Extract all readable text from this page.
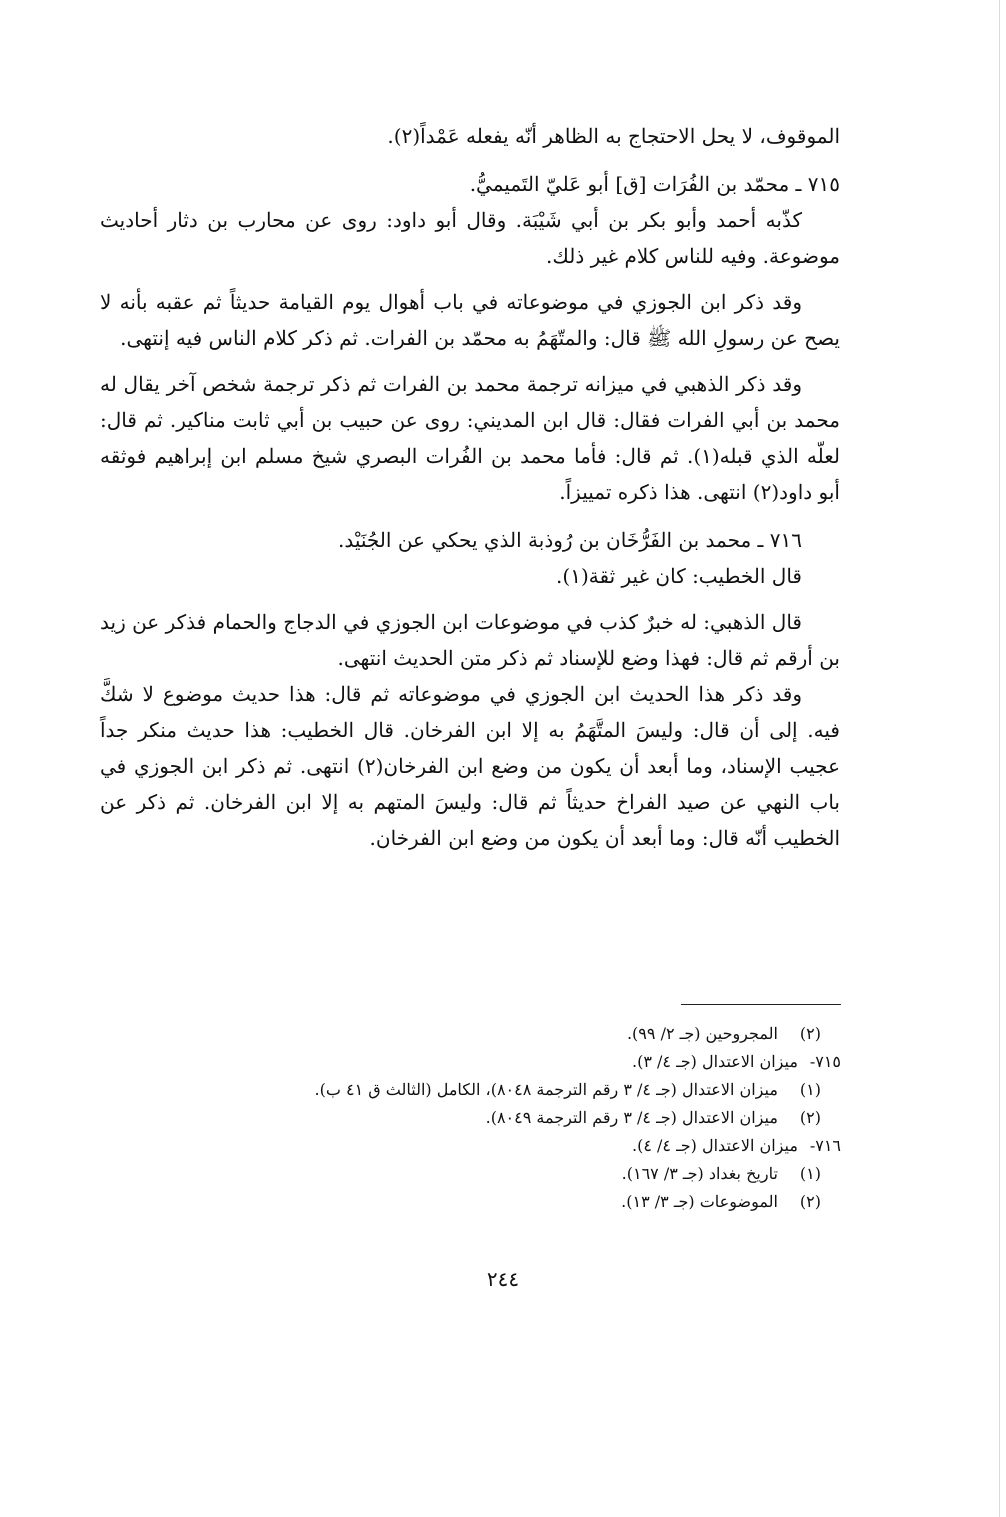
الموقوف، لا يحل الاحتجاج به الظاهر أنّه يفعله عَمْداً(٢).

٧١٥ ـ محمّد بن الفُرَات [ق] أبو عَليّ التَميميُّ.

كذّبه أحمد وأبو بكر بن أبي شَيْبَة. وقال أبو داود: روى عن محارب بن دثار أحاديث موضوعة. وفيه للناس كلام غير ذلك.

وقد ذكر ابن الجوزي في موضوعاته في باب أهوال يوم القيامة حديثاً ثم عقبه بأنه لا يصح عن رسولِ الله ﷺ قال: والمتّهَمُ به محمّد بن الفرات. ثم ذكر كلام الناس فيه إنتهى.

وقد ذكر الذهبي في ميزانه ترجمة محمد بن الفرات ثم ذكر ترجمة شخص آخر يقال له محمد بن أبي الفرات فقال: قال ابن المديني: روى عن حبيب بن أبي ثابت مناكير. ثم قال: لعلّه الذي قبله(١). ثم قال: فأما محمد بن الفُرات البصري شيخ مسلم ابن إبراهيم فوثقه أبو داود(٢) انتهى. هذا ذكره تمييزاً.

٧١٦ ـ محمد بن الفَرُّخَان بن رُوذبة الذي يحكي عن الجُنَيْد.

قال الخطيب: كان غير ثقة(١).

قال الذهبي: له خبرٌ كذب في موضوعات ابن الجوزي في الدجاج والحمام فذكر عن زيد بن أرقم ثم قال: فهذا وضع للإسناد ثم ذكر متن الحديث انتهى.

وقد ذكر هذا الحديث ابن الجوزي في موضوعاته ثم قال: هذا حديث موضوع لا شكَّ فيه. إلى أن قال: وليسَ المتَّهَمُ به إلا ابن الفرخان. قال الخطيب: هذا حديث منكر جداً عجيب الإسناد، وما أبعد أن يكون من وضع ابن الفرخان(٢) انتهى. ثم ذكر ابن الجوزي في باب النهي عن صيد الفراخ حديثاً ثم قال: وليسَ المتهم به إلا ابن الفرخان. ثم ذكر عن الخطيب أنّه قال: وما أبعد أن يكون من وضع ابن الفرخان.

(٢) المجروحين (جـ ٢/ ٩٩).

٧١٥- ميزان الاعتدال (جـ ٤/ ٣).

(١) ميزان الاعتدال (جـ ٤/ ٣ رقم الترجمة ٨٠٤٨)، الكامل (الثالث ق ٤١ ب).

(٢) ميزان الاعتدال (جـ ٤/ ٣ رقم الترجمة ٨٠٤٩).

٧١٦- ميزان الاعتدال (جـ ٤/ ٤).

(١) تاريخ بغداد (جـ ٣/ ١٦٧).

(٢) الموضوعات (جـ ٣/ ١٣).

٢٤٤
